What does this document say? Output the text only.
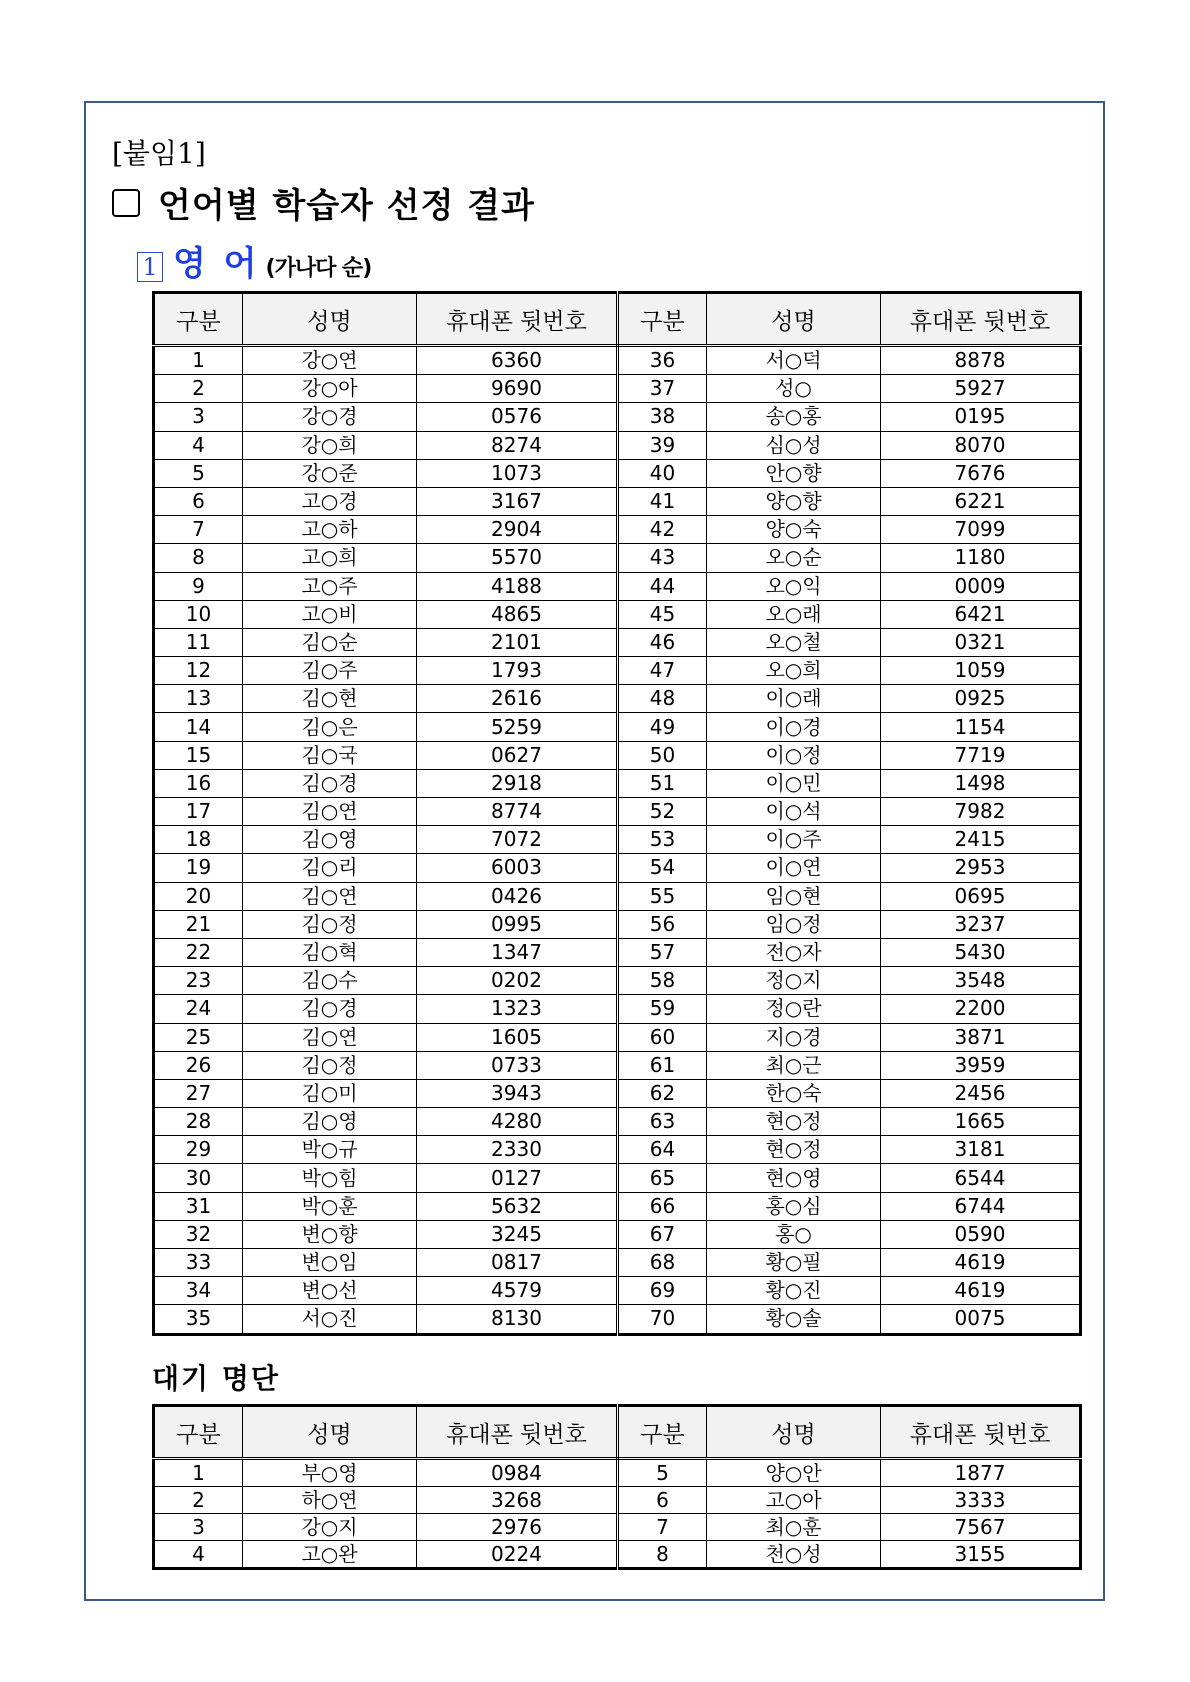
[붙임1]
언어별 학습자 선정 결과
1 영 어 (가나다 순)
구분	성명	휴대폰 뒷번호	구분	성명	휴대폰 뒷번호
1	강○연	6360	36	서○덕	8878
2	강○아	9690	37	성○	5927
3	강○경	0576	38	송○홍	0195
4	강○희	8274	39	심○성	8070
5	강○준	1073	40	안○향	7676
6	고○경	3167	41	양○향	6221
7	고○하	2904	42	양○숙	7099
8	고○희	5570	43	오○순	1180
9	고○주	4188	44	오○익	0009
10	고○비	4865	45	오○래	6421
11	김○순	2101	46	오○철	0321
12	김○주	1793	47	오○희	1059
13	김○현	2616	48	이○래	0925
14	김○은	5259	49	이○경	1154
15	김○국	0627	50	이○정	7719
16	김○경	2918	51	이○민	1498
17	김○연	8774	52	이○석	7982
18	김○영	7072	53	이○주	2415
19	김○리	6003	54	이○연	2953
20	김○연	0426	55	임○현	0695
21	김○정	0995	56	임○정	3237
22	김○혁	1347	57	전○자	5430
23	김○수	0202	58	정○지	3548
24	김○경	1323	59	정○란	2200
25	김○연	1605	60	지○경	3871
26	김○정	0733	61	최○근	3959
27	김○미	3943	62	한○숙	2456
28	김○영	4280	63	현○정	1665
29	박○규	2330	64	현○정	3181
30	박○힘	0127	65	현○영	6544
31	박○훈	5632	66	홍○심	6744
32	변○향	3245	67	홍○	0590
33	변○임	0817	68	황○필	4619
34	변○선	4579	69	황○진	4619
35	서○진	8130	70	황○솔	0075
대기 명단
구분	성명	휴대폰 뒷번호	구분	성명	휴대폰 뒷번호
1	부○영	0984	5	양○안	1877
2	하○연	3268	6	고○아	3333
3	강○지	2976	7	최○훈	7567
4	고○완	0224	8	천○성	3155
